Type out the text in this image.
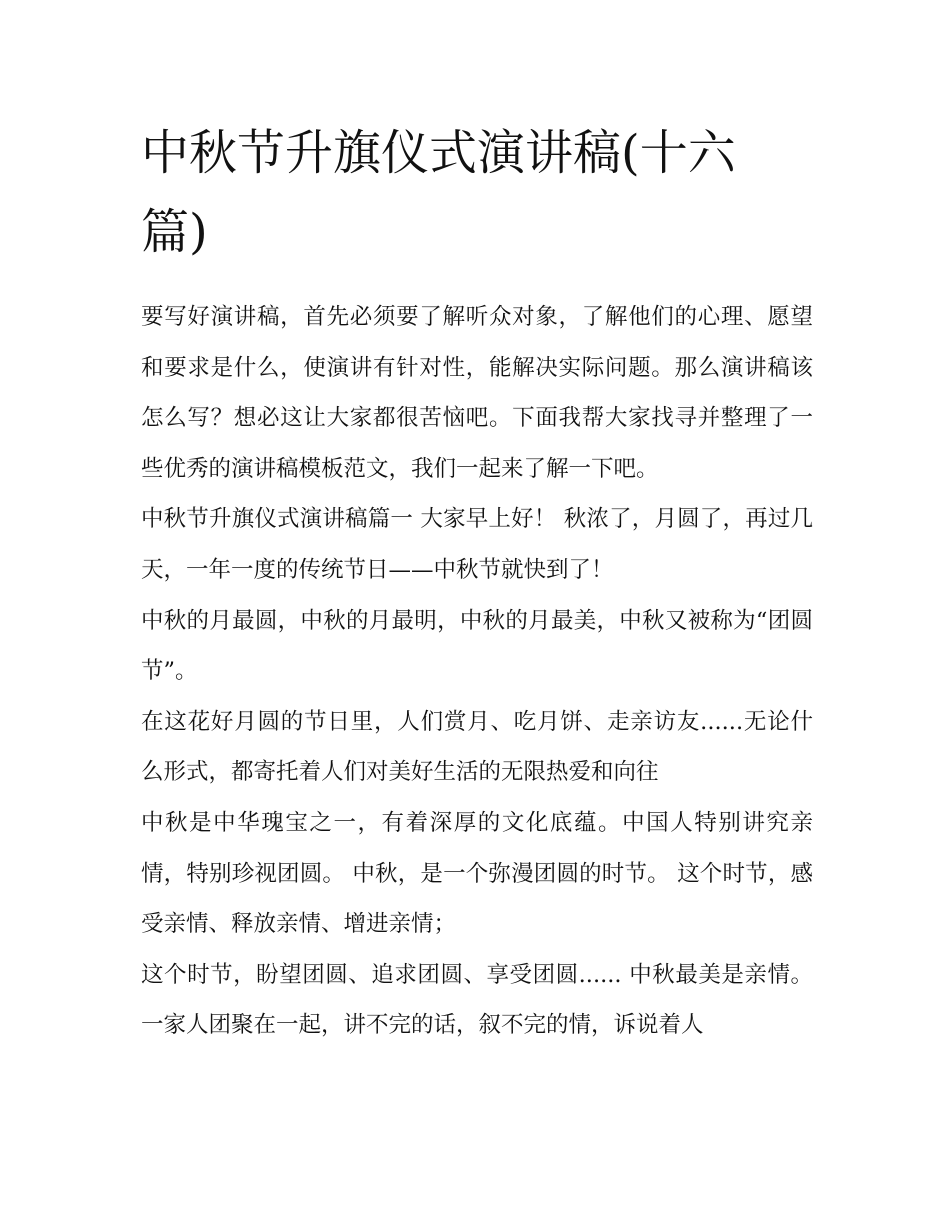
中秋节升旗仪式演讲稿(十六篇)

要写好演讲稿，首先必须要了解听众对象，了解他们的心理、愿望和要求是什么，使演讲有针对性，能解决实际问题。那么演讲稿该怎么写？想必这让大家都很苦恼吧。下面我帮大家找寻并整理了一些优秀的演讲稿模板范文，我们一起来了解一下吧。

中秋节升旗仪式演讲稿篇一 大家早上好！ 秋浓了，月圆了，再过几天，一年一度的传统节日——中秋节就快到了！

中秋的月最圆，中秋的月最明，中秋的月最美，中秋又被称为“团圆节”。

在这花好月圆的节日里，人们赏月、吃月饼、走亲访友......无论什么形式，都寄托着人们对美好生活的无限热爱和向往

中秋是中华瑰宝之一，有着深厚的文化底蕴。中国人特别讲究亲情，特别珍视团圆。 中秋，是一个弥漫团圆的时节。 这个时节，感受亲情、释放亲情、增进亲情；

这个时节，盼望团圆、追求团圆、享受团圆...... 中秋最美是亲情。一家人团聚在一起，讲不完的话，叙不完的情，诉说着人
